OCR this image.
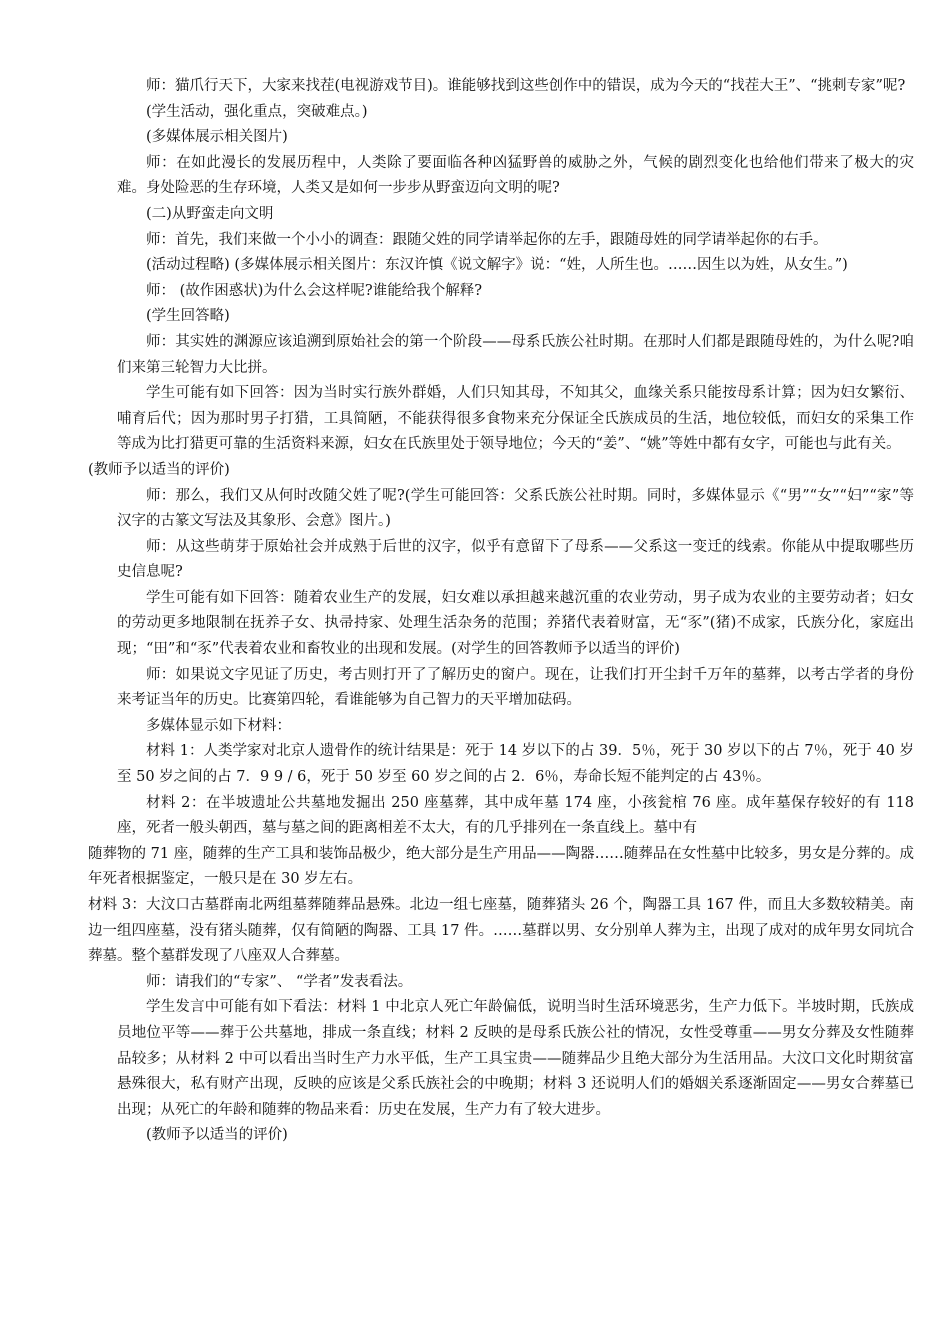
师：猫爪行天下，大家来找茬(电视游戏节目)。谁能够找到这些创作中的错误，成为今天的“找茬大王”、“挑刺专家”呢?

(学生活动，强化重点，突破难点。)

(多媒体展示相关图片)

师：在如此漫长的发展历程中，人类除了要面临各种凶猛野兽的威胁之外，气候的剧烈变化也给他们带来了极大的灾难。身处险恶的生存环境，人类又是如何一步步从野蛮迈向文明的呢?

(二)从野蛮走向文明

师：首先，我们来做一个小小的调查：跟随父姓的同学请举起你的左手，跟随母姓的同学请举起你的右手。

(活动过程略) (多媒体展示相关图片：东汉许慎《说文解字》说：“姓，人所生也。……因生以为姓，从女生。”)

师： (故作困惑状)为什么会这样呢?谁能给我个解释?

(学生回答略)

师：其实姓的渊源应该追溯到原始社会的第一个阶段——母系氏族公社时期。在那时人们都是跟随母姓的，为什么呢?咱们来第三轮智力大比拼。

学生可能有如下回答：因为当时实行族外群婚，人们只知其母，不知其父，血缘关系只能按母系计算；因为妇女繁衍、哺育后代；因为那时男子打猎，工具简陋，不能获得很多食物来充分保证全氏族成员的生活，地位较低，而妇女的采集工作等成为比打猎更可靠的生活资料来源，妇女在氏族里处于领导地位；今天的“姜”、“姚”等姓中都有女字，可能也与此有关。

(教师予以适当的评价)

师：那么，我们又从何时改随父姓了呢?(学生可能回答：父系氏族公社时期。同时，多媒体显示《“男”“女”“妇”“家”等汉字的古篆文写法及其象形、会意》图片。)

师：从这些萌芽于原始社会并成熟于后世的汉字，似乎有意留下了母系——父系这一变迁的线索。你能从中提取哪些历史信息呢?

学生可能有如下回答：随着农业生产的发展，妇女难以承担越来越沉重的农业劳动，男子成为农业的主要劳动者；妇女的劳动更多地限制在抚养子女、执帚持家、处理生活杂务的范围；养猪代表着财富，无“豕”(猪)不成家，氏族分化，家庭出现；“田”和“豕”代表着农业和畜牧业的出现和发展。(对学生的回答教师予以适当的评价)

师：如果说文字见证了历史，考古则打开了了解历史的窗户。现在，让我们打开尘封千万年的墓葬，以考古学者的身份来考证当年的历史。比赛第四轮，看谁能够为自己智力的天平增加砝码。

多媒体显示如下材料：

材料 1：人类学家对北京人遗骨作的统计结果是：死于 14 岁以下的占 39．5％，死于 30 岁以下的占 7％，死于 40 岁至 50 岁之间的占 7．9 9 / 6，死于 50 岁至 60 岁之间的占 2．6％，寿命长短不能判定的占 43％。

材料 2：在半坡遗址公共墓地发掘出 250 座墓葬，其中成年墓 174 座，小孩瓮棺 76 座。成年墓保存较好的有 118 座，死者一般头朝西，墓与墓之间的距离相差不太大，有的几乎排列在一条直线上。墓中有

随葬物的 71 座，随葬的生产工具和装饰品极少，绝大部分是生产用品——陶器……随葬品在女性墓中比较多，男女是分葬的。成年死者根据鉴定，一般只是在 30 岁左右。

材料 3：大汶口古墓群南北两组墓葬随葬品悬殊。北边一组七座墓，随葬猪头 26 个，陶器工具 167 件，而且大多数较精美。南边一组四座墓，没有猪头随葬，仅有简陋的陶器、工具 17 件。……墓群以男、女分别单人葬为主，出现了成对的成年男女同坑合葬墓。整个墓群发现了八座双人合葬墓。

师：请我们的“专家”、 “学者”发表看法。

学生发言中可能有如下看法：材料 1 中北京人死亡年龄偏低，说明当时生活环境恶劣，生产力低下。半坡时期，氏族成员地位平等——葬于公共墓地，排成一条直线；材料 2 反映的是母系氏族公社的情况，女性受尊重——男女分葬及女性随葬品较多；从材料 2 中可以看出当时生产力水平低，生产工具宝贵——随葬品少且绝大部分为生活用品。大汶口文化时期贫富悬殊很大，私有财产出现，反映的应该是父系氏族社会的中晚期；材料 3 还说明人们的婚姻关系逐渐固定——男女合葬墓已出现；从死亡的年龄和随葬的物品来看：历史在发展，生产力有了较大进步。

(教师予以适当的评价)
